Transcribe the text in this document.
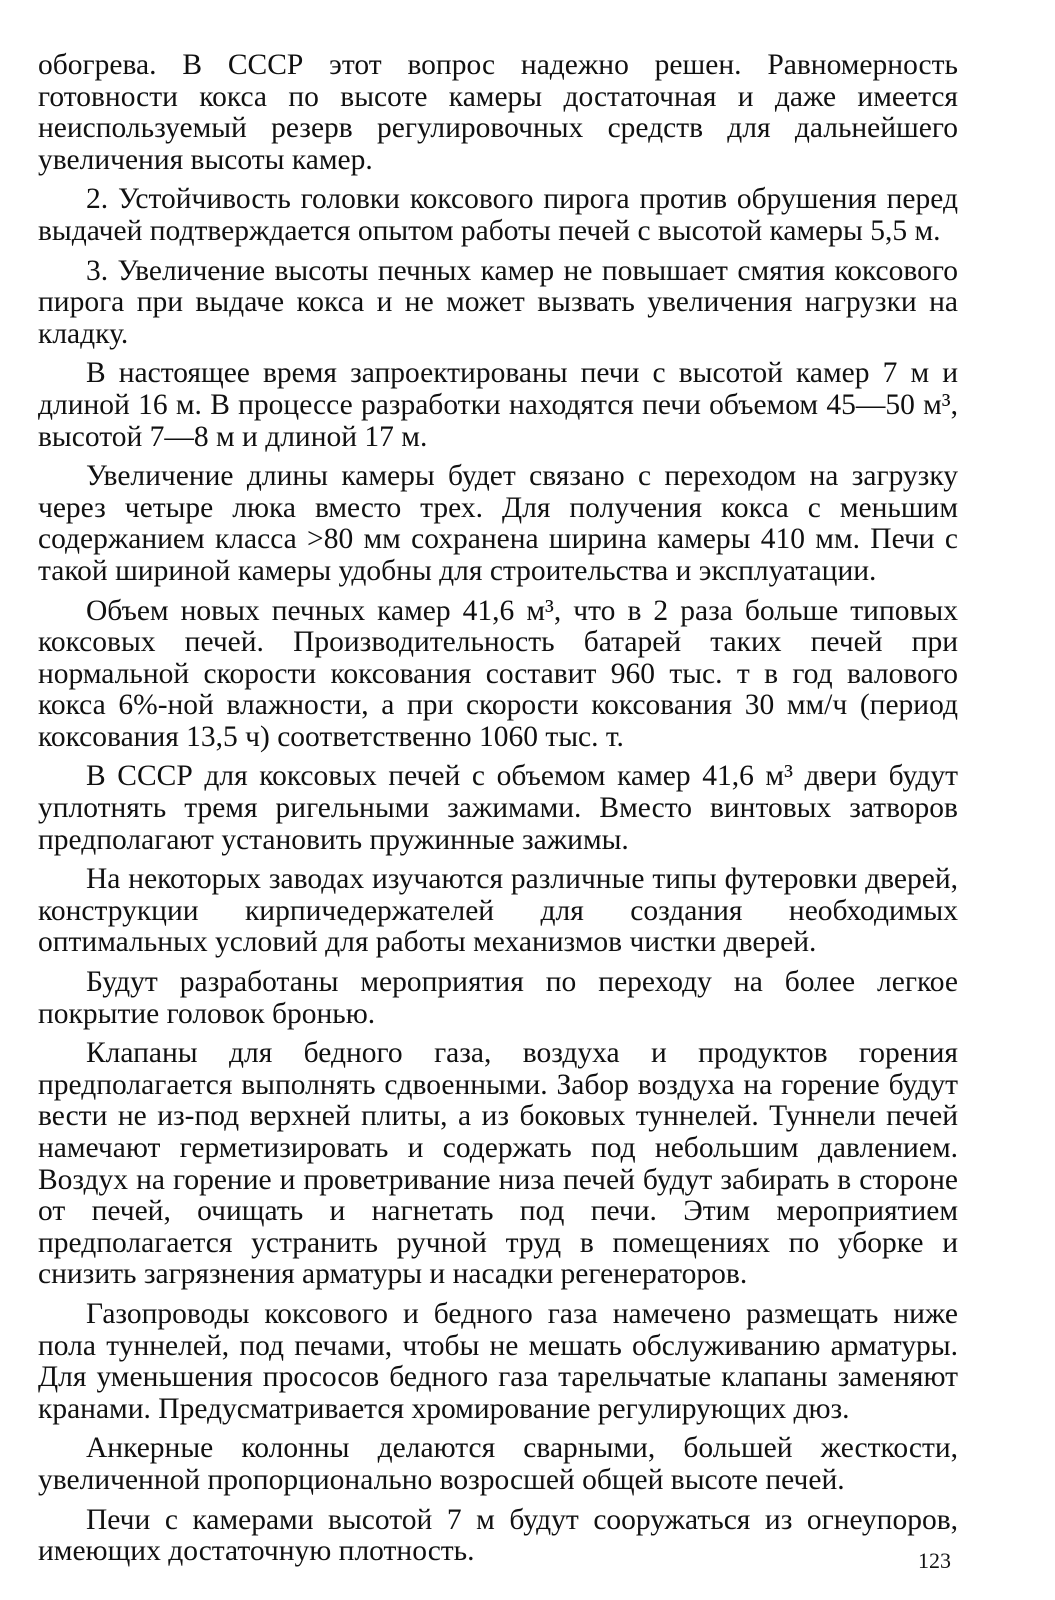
обогрева. В СССР этот вопрос надежно решен. Равномерность готовности кокса по высоте камеры достаточная и даже имеется неиспользуемый резерв регулировочных средств для дальнейшего увеличения высоты камер.

2. Устойчивость головки коксового пирога против обрушения перед выдачей подтверждается опытом работы печей с высотой камеры 5,5 м.

3. Увеличение высоты печных камер не повышает смятия коксового пирога при выдаче кокса и не может вызвать увеличения нагрузки на кладку.

В настоящее время запроектированы печи с высотой камер 7 м и длиной 16 м. В процессе разработки находятся печи объемом 45—50 м³, высотой 7—8 м и длиной 17 м.

Увеличение длины камеры будет связано с переходом на загрузку через четыре люка вместо трех. Для получения кокса с меньшим содержанием класса >80 мм сохранена ширина камеры 410 мм. Печи с такой шириной камеры удобны для строительства и эксплуатации.

Объем новых печных камер 41,6 м³, что в 2 раза больше типовых коксовых печей. Производительность батарей таких печей при нормальной скорости коксования составит 960 тыс. т в год валового кокса 6%-ной влажности, а при скорости коксования 30 мм/ч (период коксования 13,5 ч) соответственно 1060 тыс. т.

В СССР для коксовых печей с объемом камер 41,6 м³ двери будут уплотнять тремя ригельными зажимами. Вместо винтовых затворов предполагают установить пружинные зажимы.

На некоторых заводах изучаются различные типы футеровки дверей, конструкции кирпичедержателей для создания необходимых оптимальных условий для работы механизмов чистки дверей.

Будут разработаны мероприятия по переходу на более легкое покрытие головок бронью.

Клапаны для бедного газа, воздуха и продуктов горения предполагается выполнять сдвоенными. Забор воздуха на горение будут вести не из-под верхней плиты, а из боковых туннелей. Туннели печей намечают герметизировать и содержать под небольшим давлением. Воздух на горение и проветривание низа печей будут забирать в стороне от печей, очищать и нагнетать под печи. Этим мероприятием предполагается устранить ручной труд в помещениях по уборке и снизить загрязнения арматуры и насадки регенераторов.

Газопроводы коксового и бедного газа намечено размещать ниже пола туннелей, под печами, чтобы не мешать обслуживанию арматуры. Для уменьшения прососов бедного газа тарельчатые клапаны заменяют кранами. Предусматривается хромирование регулирующих дюз.

Анкерные колонны делаются сварными, большей жесткости, увеличенной пропорционально возросшей общей высоте печей.

Печи с камерами высотой 7 м будут сооружаться из огнеупоров, имеющих достаточную плотность.	123
